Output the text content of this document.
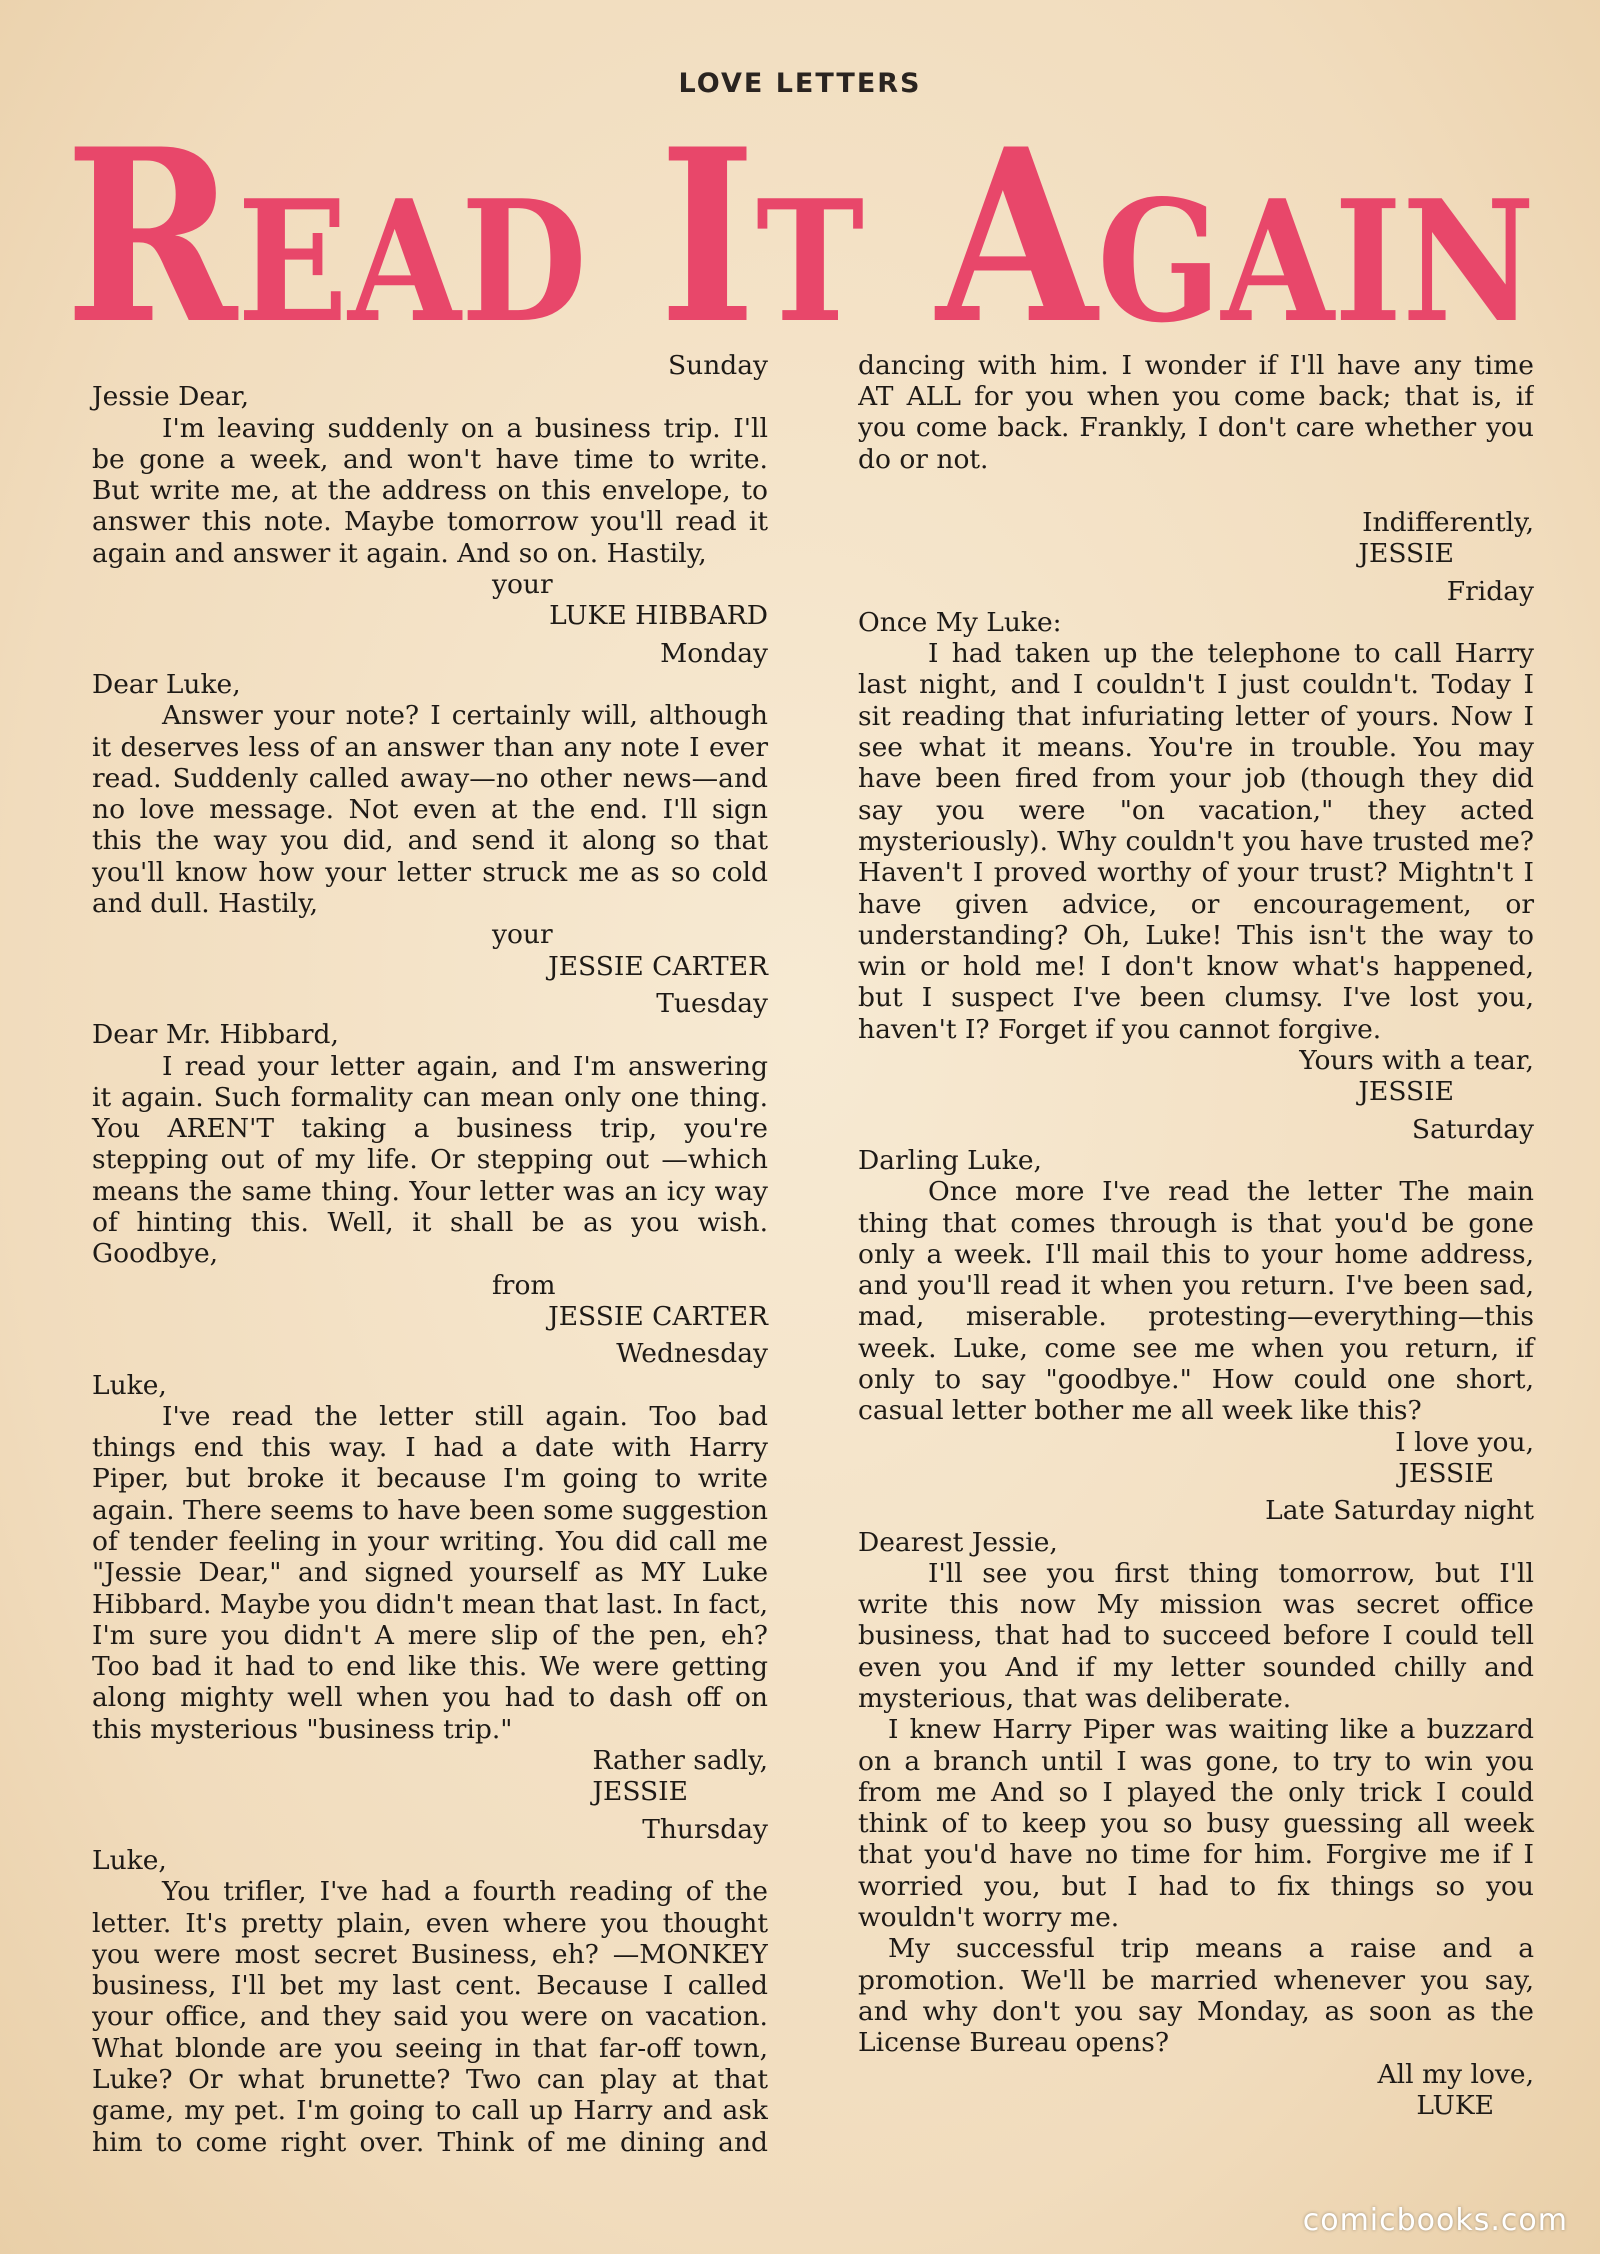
LOVE LETTERS
Read It Again

Sunday

Jessie Dear,

I'm leaving suddenly on a business trip. I'll be gone a week, and won't have time to write. But write me, at the address on this envelope, to answer this note. Maybe tomorrow you'll read it again and answer it again. And so on. Hastily,

your

LUKE HIBBARD

Monday

Dear Luke,

Answer your note? I certainly will, although it deserves less of an answer than any note I ever read. Suddenly called away—no other news—and no love message. Not even at the end. I'll sign this the way you did, and send it along so that you'll know how your letter struck me as so cold and dull. Hastily,

your

JESSIE CARTER

Tuesday

Dear Mr. Hibbard,

I read your letter again, and I'm answering it again. Such formality can mean only one thing. You AREN'T taking a business trip, you're stepping out of my life. Or stepping out —which means the same thing. Your letter was an icy way of hinting this. Well, it shall be as you wish. Goodbye,

from

JESSIE CARTER

Wednesday

Luke,

I've read the letter still again. Too bad things end this way. I had a date with Harry Piper, but broke it because I'm going to write again. There seems to have been some suggestion of tender feeling in your writing. You did call me "Jessie Dear," and signed yourself as MY Luke Hibbard. Maybe you didn't mean that last. In fact, I'm sure you didn't A mere slip of the pen, eh? Too bad it had to end like this. We were getting along mighty well when you had to dash off on this mysterious "business trip."

Rather sadly,

JESSIE

Thursday

Luke,

You trifler, I've had a fourth reading of the letter. It's pretty plain, even where you thought you were most secret Business, eh? —MONKEY business, I'll bet my last cent. Because I called your office, and they said you were on vacation. What blonde are you seeing in that far-off town, Luke? Or what brunette? Two can play at that game, my pet. I'm going to call up Harry and ask him to come right over. Think of me dining and

dancing with him. I wonder if I'll have any time AT ALL for you when you come back; that is, if you come back. Frankly, I don't care whether you do or not.

Indifferently,

JESSIE

Friday

Once My Luke:

I had taken up the telephone to call Harry last night, and I couldn't I just couldn't. Today I sit reading that infuriating letter of yours. Now I see what it means. You're in trouble. You may have been fired from your job (though they did say you were "on vacation," they acted mysteriously). Why couldn't you have trusted me? Haven't I proved worthy of your trust? Mightn't I have given advice, or encouragement, or understanding? Oh, Luke! This isn't the way to win or hold me! I don't know what's happened, but I suspect I've been clumsy. I've lost you, haven't I? Forget if you cannot forgive.

Yours with a tear,

JESSIE

Saturday

Darling Luke,

Once more I've read the letter The main thing that comes through is that you'd be gone only a week. I'll mail this to your home address, and you'll read it when you return. I've been sad, mad, miserable. protesting—everything—this week. Luke, come see me when you return, if only to say "goodbye." How could one short, casual letter bother me all week like this?

I love you,

JESSIE

Late Saturday night

Dearest Jessie,

I'll see you first thing tomorrow, but I'll write this now My mission was secret office business, that had to succeed before I could tell even you And if my letter sounded chilly and mysterious, that was deliberate.

I knew Harry Piper was waiting like a buzzard on a branch until I was gone, to try to win you from me And so I played the only trick I could think of to keep you so busy guessing all week that you'd have no time for him. Forgive me if I worried you, but I had to fix things so you wouldn't worry me.

My successful trip means a raise and a promotion. We'll be married whenever you say, and why don't you say Monday, as soon as the License Bureau opens?

All my love,

LUKE

comicbooks.com
